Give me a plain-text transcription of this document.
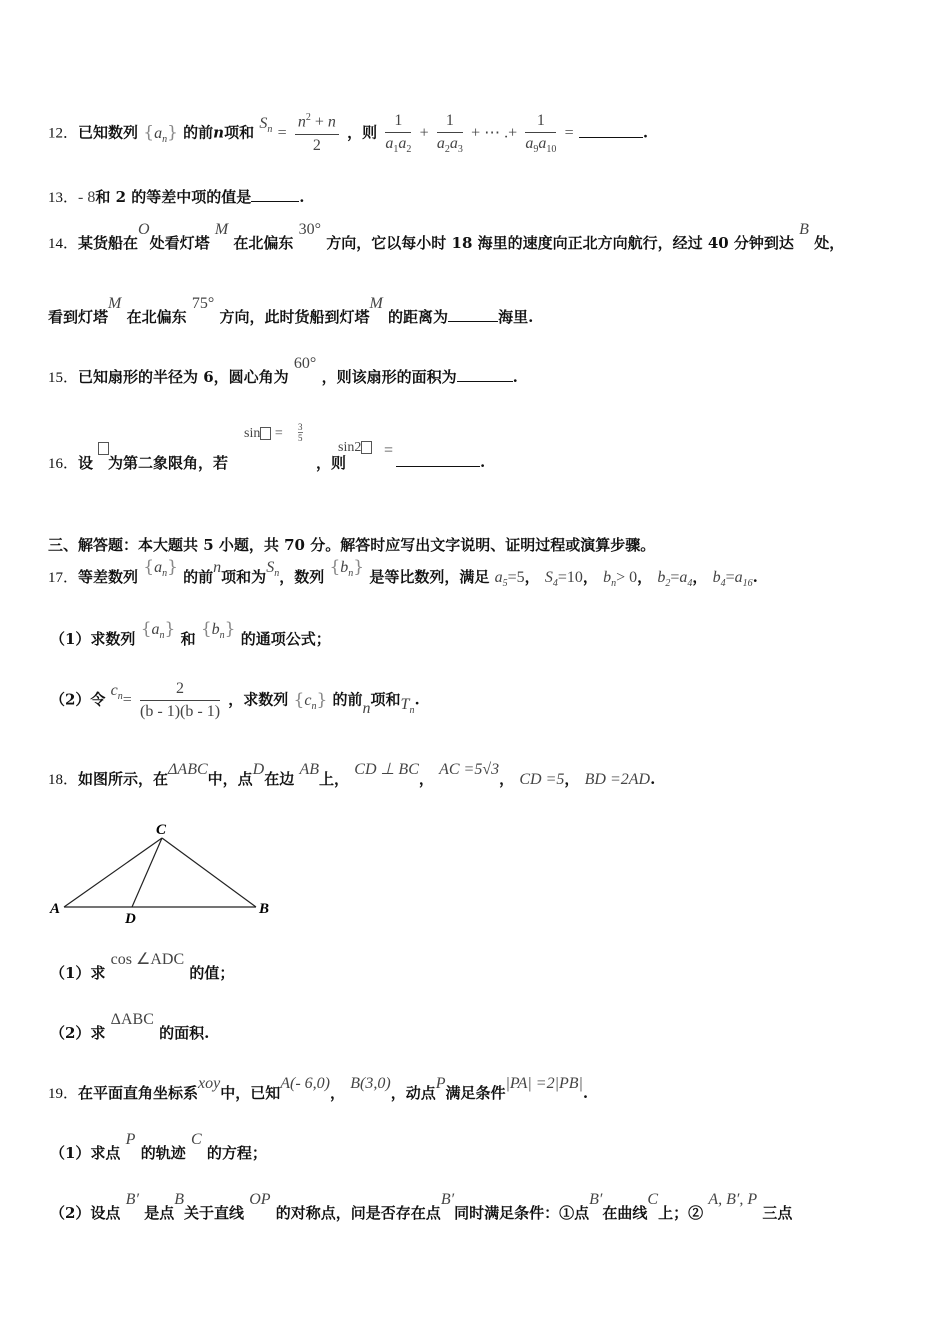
12．已知数列 $\{a_n\}$ 的前n项和 $S_n = \frac{n^2 + n}{2}$ ，则 $\frac{1}{a_1a_2} + \frac{1}{a_2a_3}$ + ⋯ .+ $\frac{1}{a_9a_{10}}$ =	.
13．- 8和 2 的等差中项的值是	.
14．某货船在O处看灯塔 M 在北偏东 30° 方向，它以每小时 18 海里的速度向正北方向航行，经过 40 分钟到达 B 处，
看到灯塔M 在北偏东 75° 方向，此时货船到灯塔M 的距离为	海里.
15．已知扇形的半径为 6，圆心角为 60° ，则该扇形的面积为	.
16．设 为第二象限角，若
sin = 3
5
，则
sin2	=
.
三、解答题：本大题共 5 小题，共 70 分。解答时应写出文字说明、证明过程或演算步骤。
17．等差数列 $\{a_n\}$ 的前n项和为$S_n$，数列 $\{b_n\}$ 是等比数列，满足 $a_5=5$， $S_4=10$， $b_n> 0$， $b_2=a_4$， $b_4=a_{16}$.
（1）求数列 $\{a_n\}$ 和 $\{b_n\}$ 的通项公式；
（2）令 $c_n= \frac{2}{(b - 1)(b - 1)}$ ，求数列 $\{c_n\}$ 的前n项和$T_n$.
18．如图所示，在ΔABC中，点D在边 AB上， CD ⊥ BC， AC =5√3， CD =5， BD =2AD.
C
A
D
B
（1）求 cos ∠ADC 的值；
（2）求 ΔABC 的面积.
19．在平面直角坐标系xoy中，已知A(- 6,0)， B(3,0)，动点P满足条件|PA| =2|PB|.
（1）求点 P 的轨迹 C 的方程；
（2）设点 B′ 是点B关于直线 OP 的对称点，问是否存在点B′同时满足条件：①点B′在曲线C上；② A, B′, P 三点
